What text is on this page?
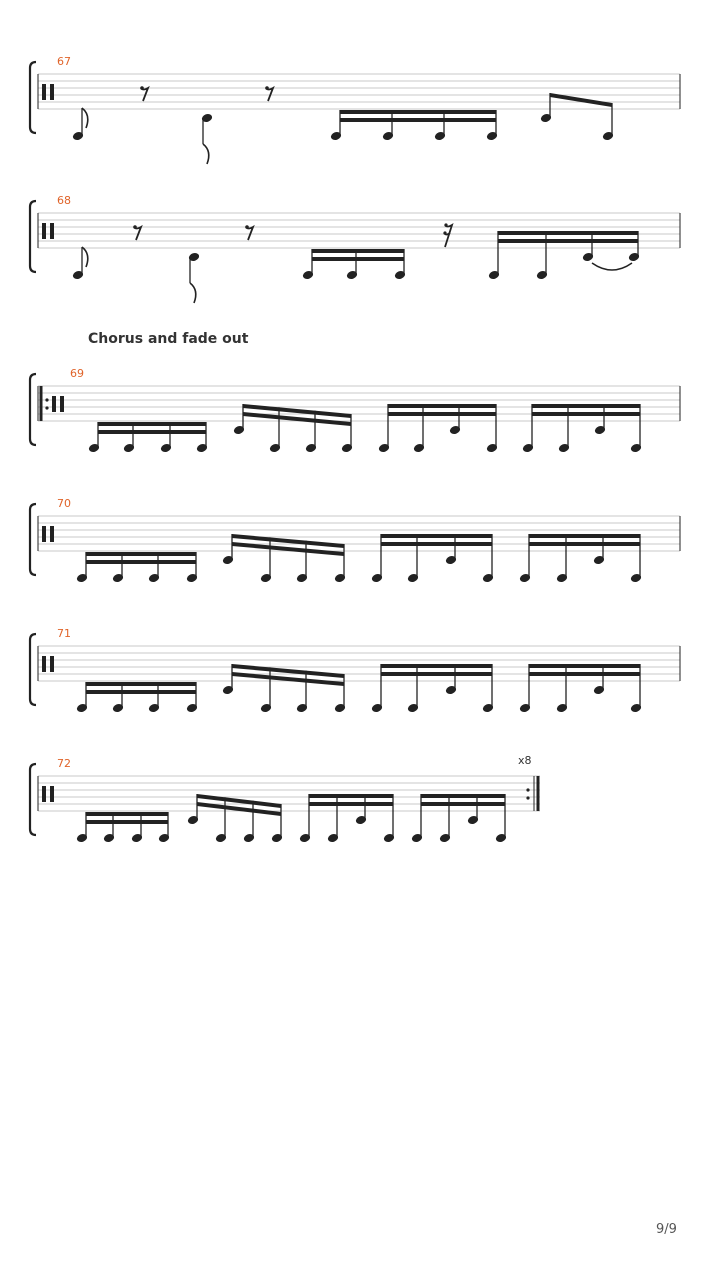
67
68
69
70
71
x8
72
Chorus and fade out
9/9
